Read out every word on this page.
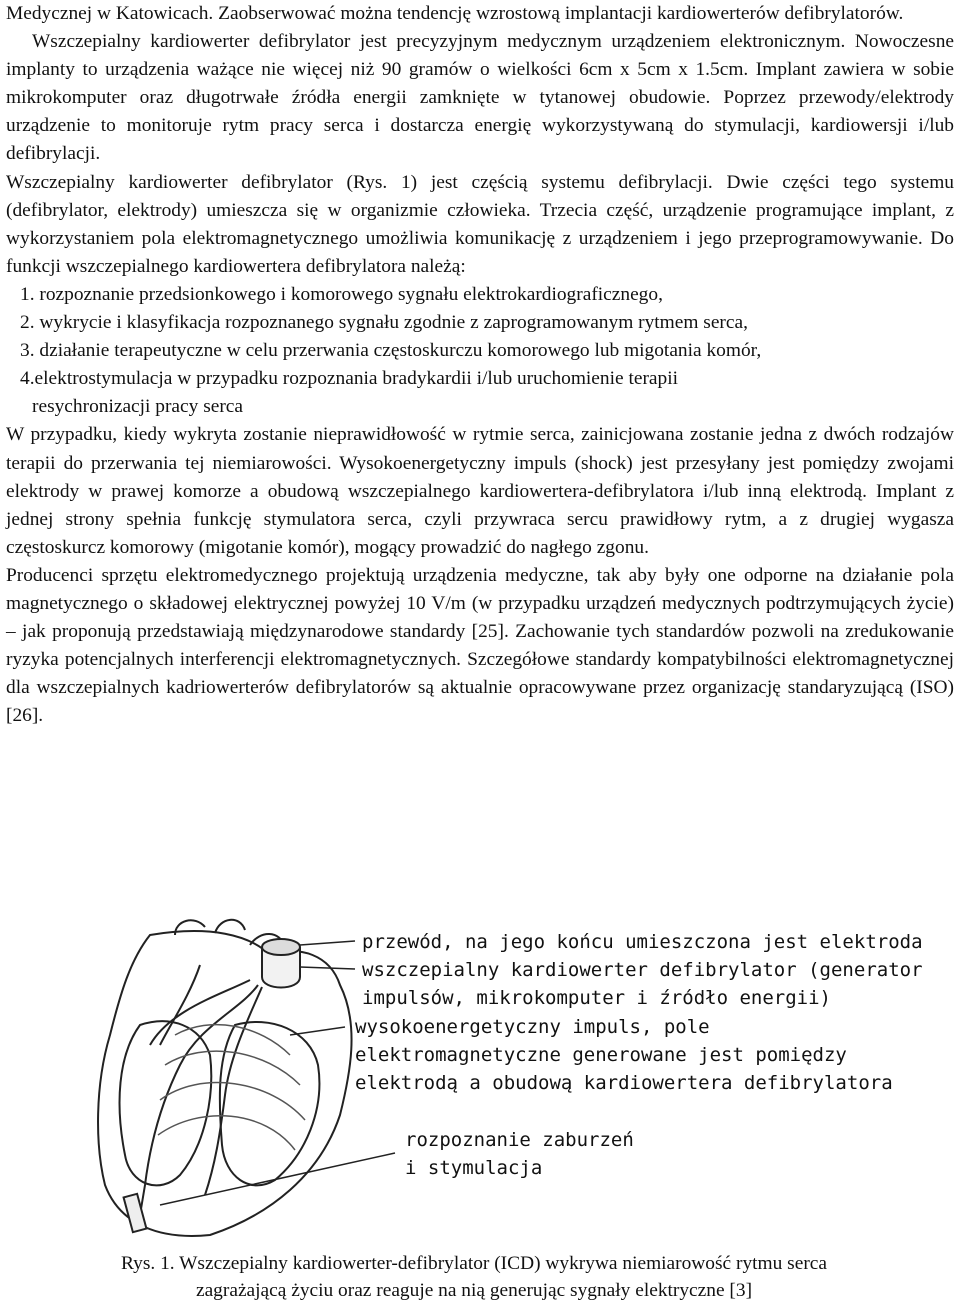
Medycznej w Katowicach. Zaobserwować można tendencję wzrostową implantacji kardiowerterów defibrylatorów.

Wszczepialny kardiowerter defibrylator jest precyzyjnym medycznym urządzeniem elektronicznym. Nowoczesne implanty to urządzenia ważące nie więcej niż 90 gramów o wielkości 6cm x 5cm x 1.5cm. Implant zawiera w sobie mikrokomputer oraz długotrwałe źródła energii zamknięte w tytanowej obudowie. Poprzez przewody/elektrody urządzenie to monitoruje rytm pracy serca i dostarcza energię wykorzystywaną do stymulacji, kardiowersji i/lub defibrylacji.

Wszczepialny kardiowerter defibrylator (Rys. 1) jest częścią systemu defibrylacji. Dwie części tego systemu (defibrylator, elektrody) umieszcza się w organizmie człowieka. Trzecia część, urządzenie programujące implant, z wykorzystaniem pola elektromagnetycznego umożliwia komunikację z urządzeniem i jego przeprogramowywanie. Do funkcji wszczepialnego kardiowertera defibrylatora należą:

1. rozpoznanie przedsionkowego i komorowego sygnału elektrokardiograficznego,

2. wykrycie i klasyfikacja rozpoznanego sygnału zgodnie z zaprogramowanym rytmem serca,

3. działanie terapeutyczne w celu przerwania częstoskurczu komorowego lub migotania komór,

4.elektrostymulacja w przypadku rozpoznania bradykardii i/lub uruchomienie terapii

resychronizacji pracy serca

W przypadku, kiedy wykryta zostanie nieprawidłowość w rytmie serca, zainicjowana zostanie jedna z dwóch rodzajów terapii do przerwania tej niemiarowości. Wysokoenergetyczny impuls (shock) jest przesyłany jest pomiędzy zwojami elektrody w prawej komorze a obudową wszczepialnego kardiowertera-defibrylatora i/lub inną elektrodą. Implant z jednej strony spełnia funkcję stymulatora serca, czyli przywraca sercu prawidłowy rytm, a z drugiej wygasza częstoskurcz komorowy (migotanie komór), mogący prowadzić do nagłego zgonu.

Producenci sprzętu elektromedycznego projektują urządzenia medyczne, tak aby były one odporne na działanie pola magnetycznego o składowej elektrycznej powyżej 10 V/m (w przypadku urządzeń medycznych podtrzymujących życie) – jak proponują przedstawiają międzynarodowe standardy [25]. Zachowanie tych standardów pozwoli na zredukowanie ryzyka potencjalnych interferencji elektromagnetycznych. Szczegółowe standardy kompatybilności elektromagnetycznej dla wszczepialnych kadriowerterów defibrylatorów są aktualnie opracowywane przez organizację standaryzującą (ISO) [26].

przewód, na jego końcu umieszczona jest elektroda
wszczepialny kardiowerter defibrylator (generator
impulsów, mikrokomputer i źródło energii)
wysokoenergetyczny impuls, pole
elektromagnetyczne generowane jest pomiędzy
elektrodą a obudową kardiowertera defibrylatora
rozpoznanie zaburzeń
i stymulacja
Rys. 1. Wszczepialny kardiowerter-defibrylator (ICD) wykrywa niemiarowość rytmu serca
zagrażającą życiu oraz reaguje na nią generując sygnały elektryczne [3]
